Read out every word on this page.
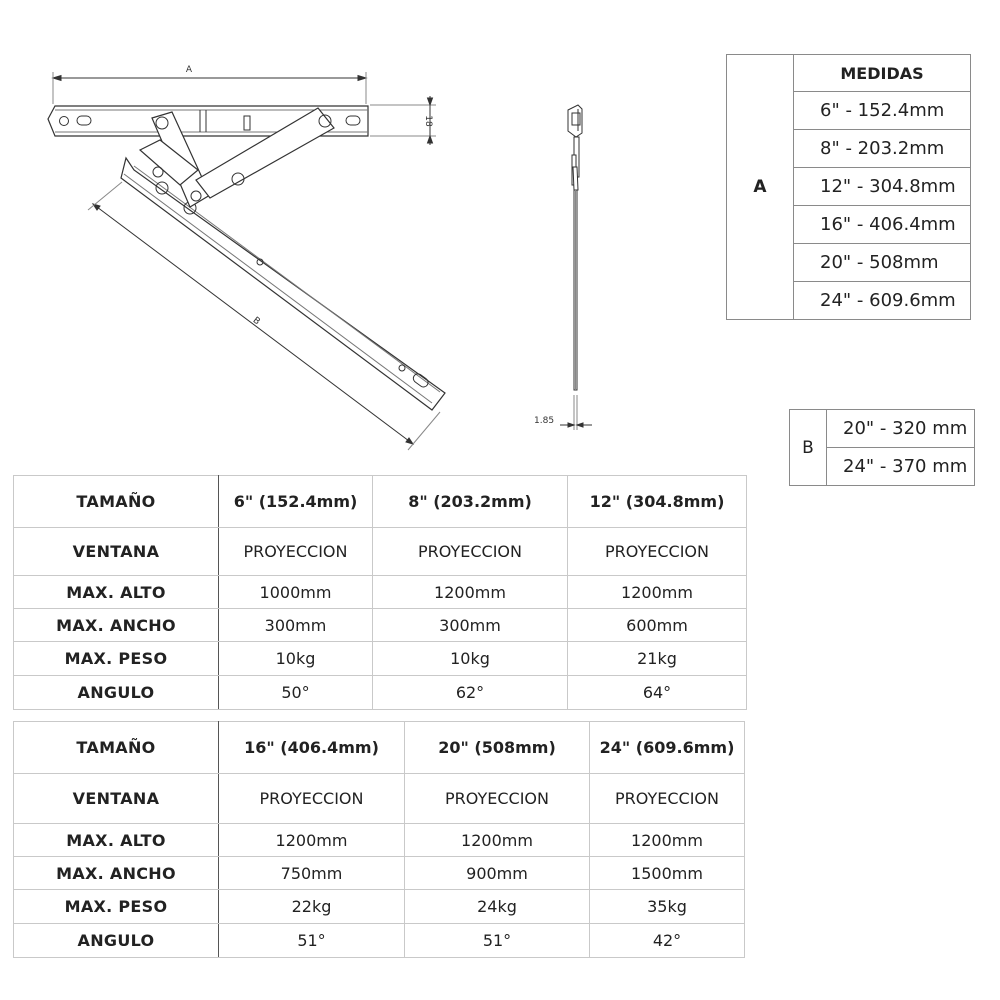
A
18
B
1.85
A	MEDIDAS
6" - 152.4mm
8" - 203.2mm
12" - 304.8mm
16" - 406.4mm
20" - 508mm
24" - 609.6mm
B	20" - 320 mm
24" - 370 mm
TAMAÑO	6" (152.4mm)	8" (203.2mm)	12" (304.8mm)
VENTANA	PROYECCION	PROYECCION	PROYECCION
MAX. ALTO	1000mm	1200mm	1200mm
MAX. ANCHO	300mm	300mm	600mm
MAX. PESO	10kg	10kg	21kg
ANGULO	50°	62°	64°
TAMAÑO	16" (406.4mm)	20" (508mm)	24" (609.6mm)
VENTANA	PROYECCION	PROYECCION	PROYECCION
MAX. ALTO	1200mm	1200mm	1200mm
MAX. ANCHO	750mm	900mm	1500mm
MAX. PESO	22kg	24kg	35kg
ANGULO	51°	51°	42°
